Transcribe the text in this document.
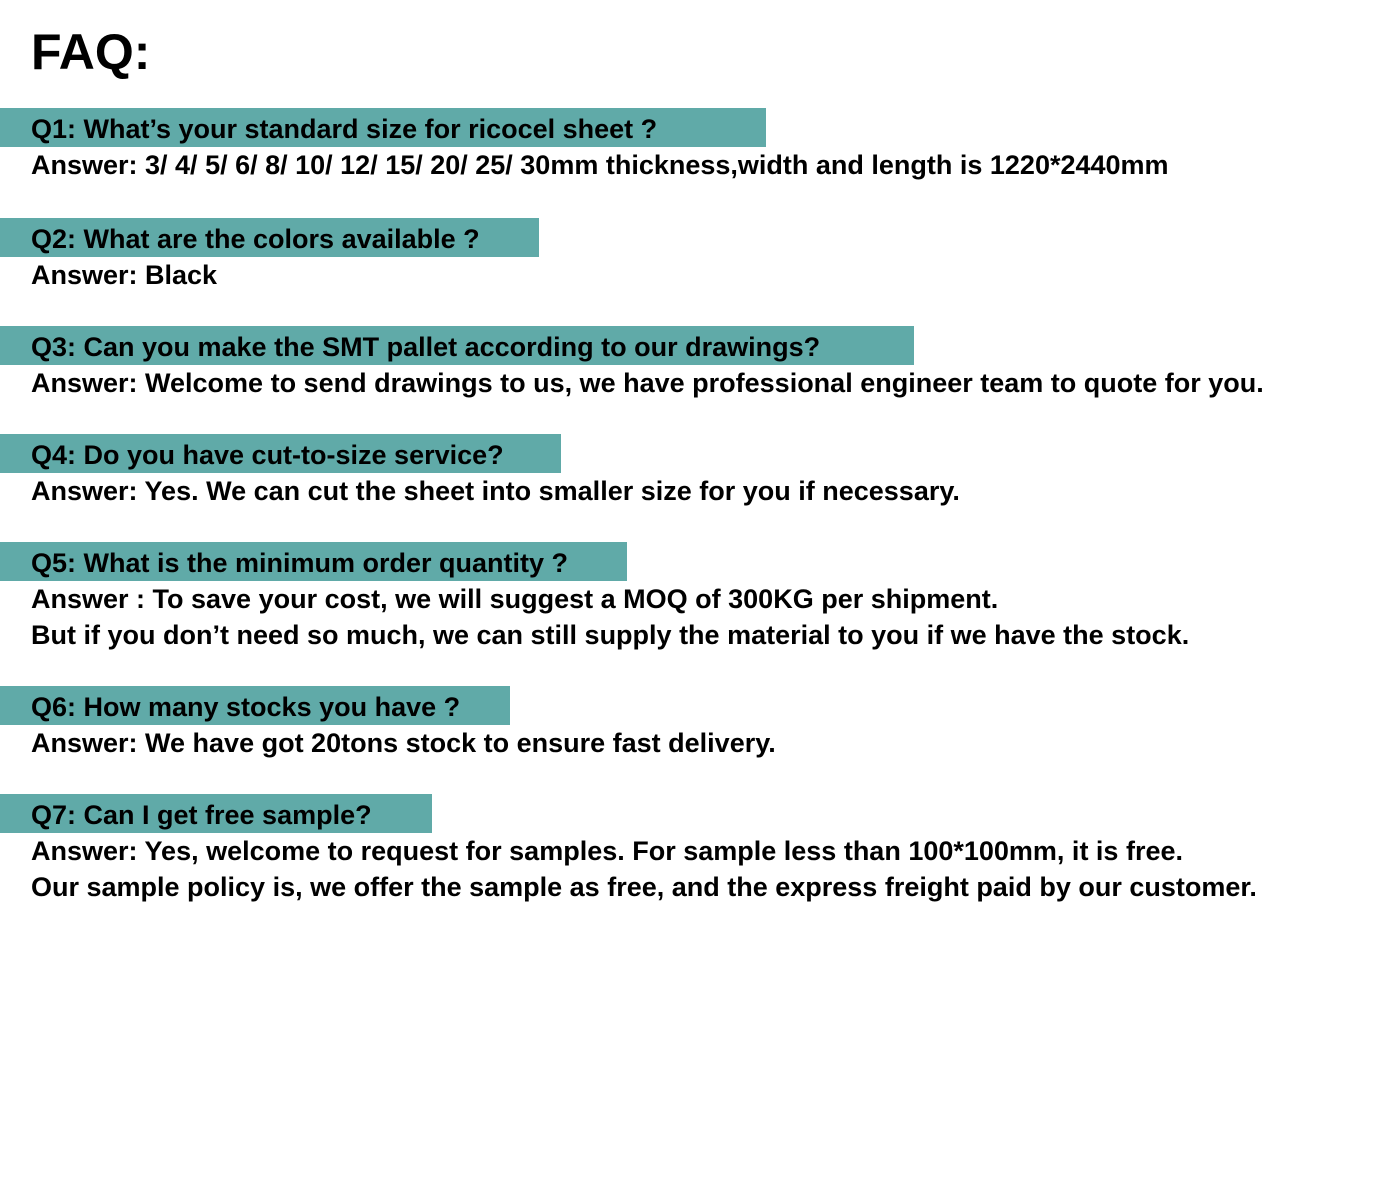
FAQ:
Q1: What’s your standard size for ricocel sheet ?

Answer: 3/ 4/ 5/ 6/ 8/ 10/ 12/ 15/ 20/ 25/ 30mm thickness,width and length is 1220*2440mm

Q2: What are the colors available ?

Answer: Black

Q3: Can you make the SMT pallet according to our drawings?

Answer: Welcome to send drawings to us, we have professional engineer team to quote for you.

Q4: Do you have cut-to-size service?

Answer: Yes. We can cut the sheet into smaller size for you if necessary.

Q5: What is the minimum order quantity ?

Answer : To save your cost, we will suggest a MOQ of 300KG per shipment.

But if you don’t need so much, we can still supply the material to you if we have the stock.

Q6: How many stocks you have ?

Answer: We have got 20tons stock to ensure fast delivery.

Q7: Can I get free sample?

Answer: Yes, welcome to request for samples. For sample less than 100*100mm, it is free.

Our sample policy is, we offer the sample as free, and the express freight paid by our customer.
